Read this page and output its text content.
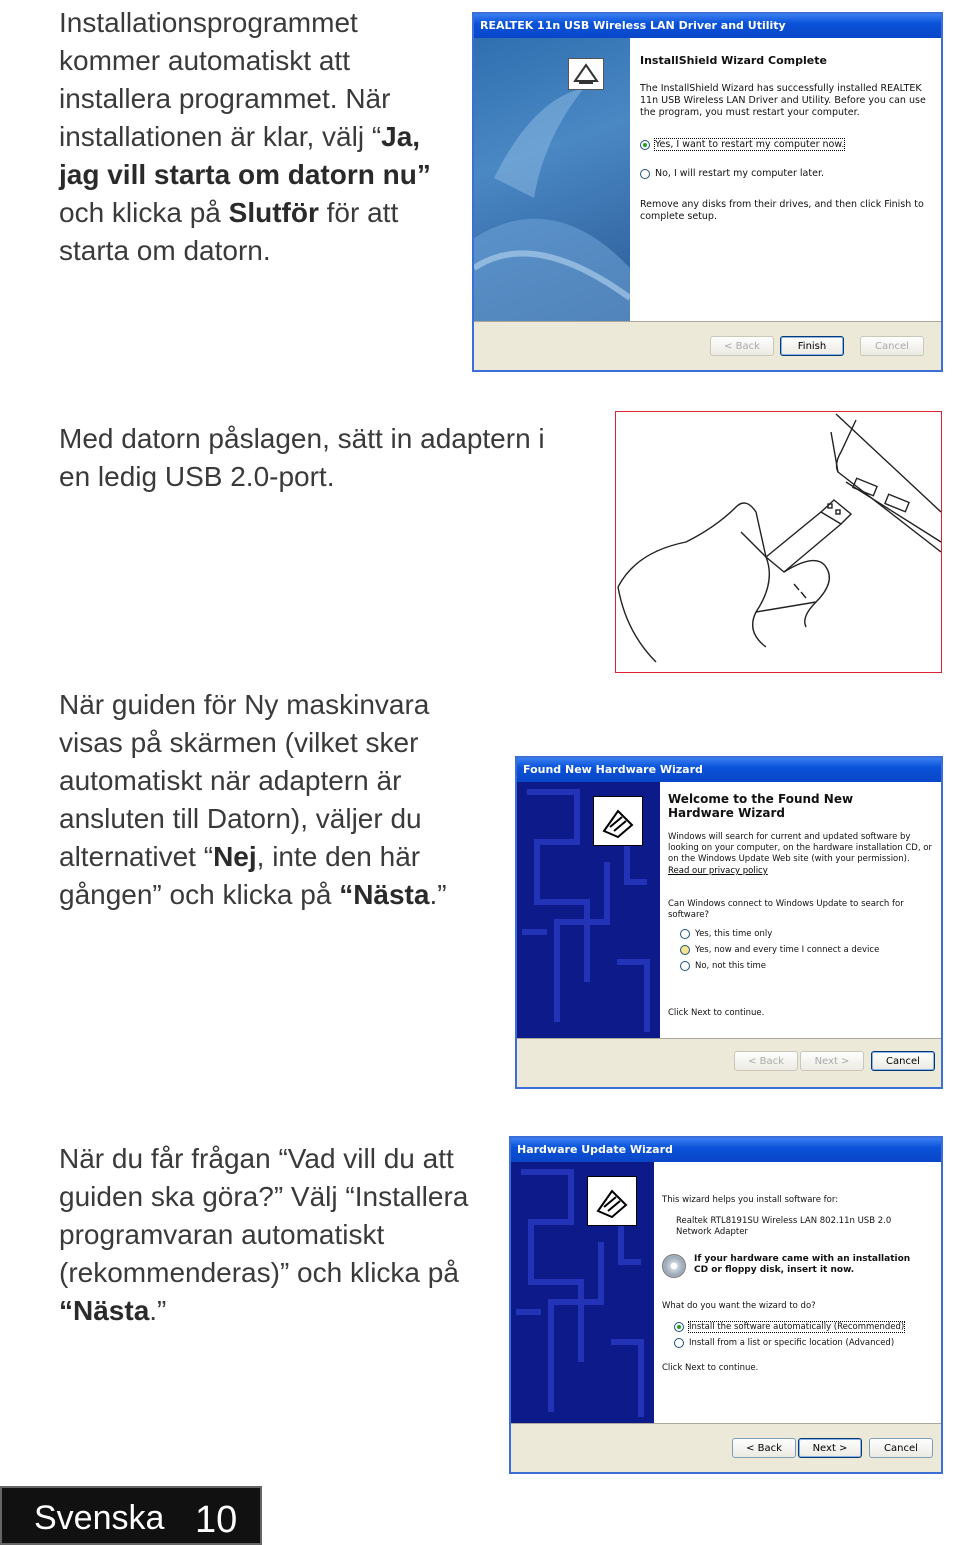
Installationsprogrammet kommer automatiskt att installera programmet. När installationen är klar, välj “Ja, jag vill starta om datorn nu” och klicka på Slutför för att starta om datorn.

REALTEK 11n USB Wireless LAN Driver and Utility
InstallShield Wizard Complete
The InstallShield Wizard has successfully installed REALTEK 11n USB Wireless LAN Driver and Utility. Before you can use the program, you must restart your computer.
Yes, I want to restart my computer now.
No, I will restart my computer later.
Remove any disks from their drives, and then click Finish to complete setup.
< Back	Finish	Cancel

Med datorn påslagen, sätt in adaptern i en ledig USB 2.0-port.

När guiden för Ny maskinvara visas på skärmen (vilket sker automatiskt när adaptern är ansluten till Datorn), väljer du alternativet “Nej, inte den här gången” och klicka på “Nästa.”

Found New Hardware Wizard
Welcome to the Found New Hardware Wizard
Windows will search for current and updated software by looking on your computer, on the hardware installation CD, or on the Windows Update Web site (with your permission).
Read our privacy policy
Can Windows connect to Windows Update to search for software?
Yes, this time only
Yes, now and every time I connect a device
No, not this time
Click Next to continue.
< Back	Next >	Cancel

När du får frågan “Vad vill du att guiden ska göra?” Välj “Installera programvaran automatiskt (rekommenderas)” och klicka på “Nästa.”

Hardware Update Wizard
This wizard helps you install software for:
Realtek RTL8191SU Wireless LAN 802.11n USB 2.0 Network Adapter
If your hardware came with an installation CD or floppy disk, insert it now.
What do you want the wizard to do?
Install the software automatically (Recommended)
Install from a list or specific location (Advanced)
Click Next to continue.
< Back	Next >	Cancel
Svenska 10
